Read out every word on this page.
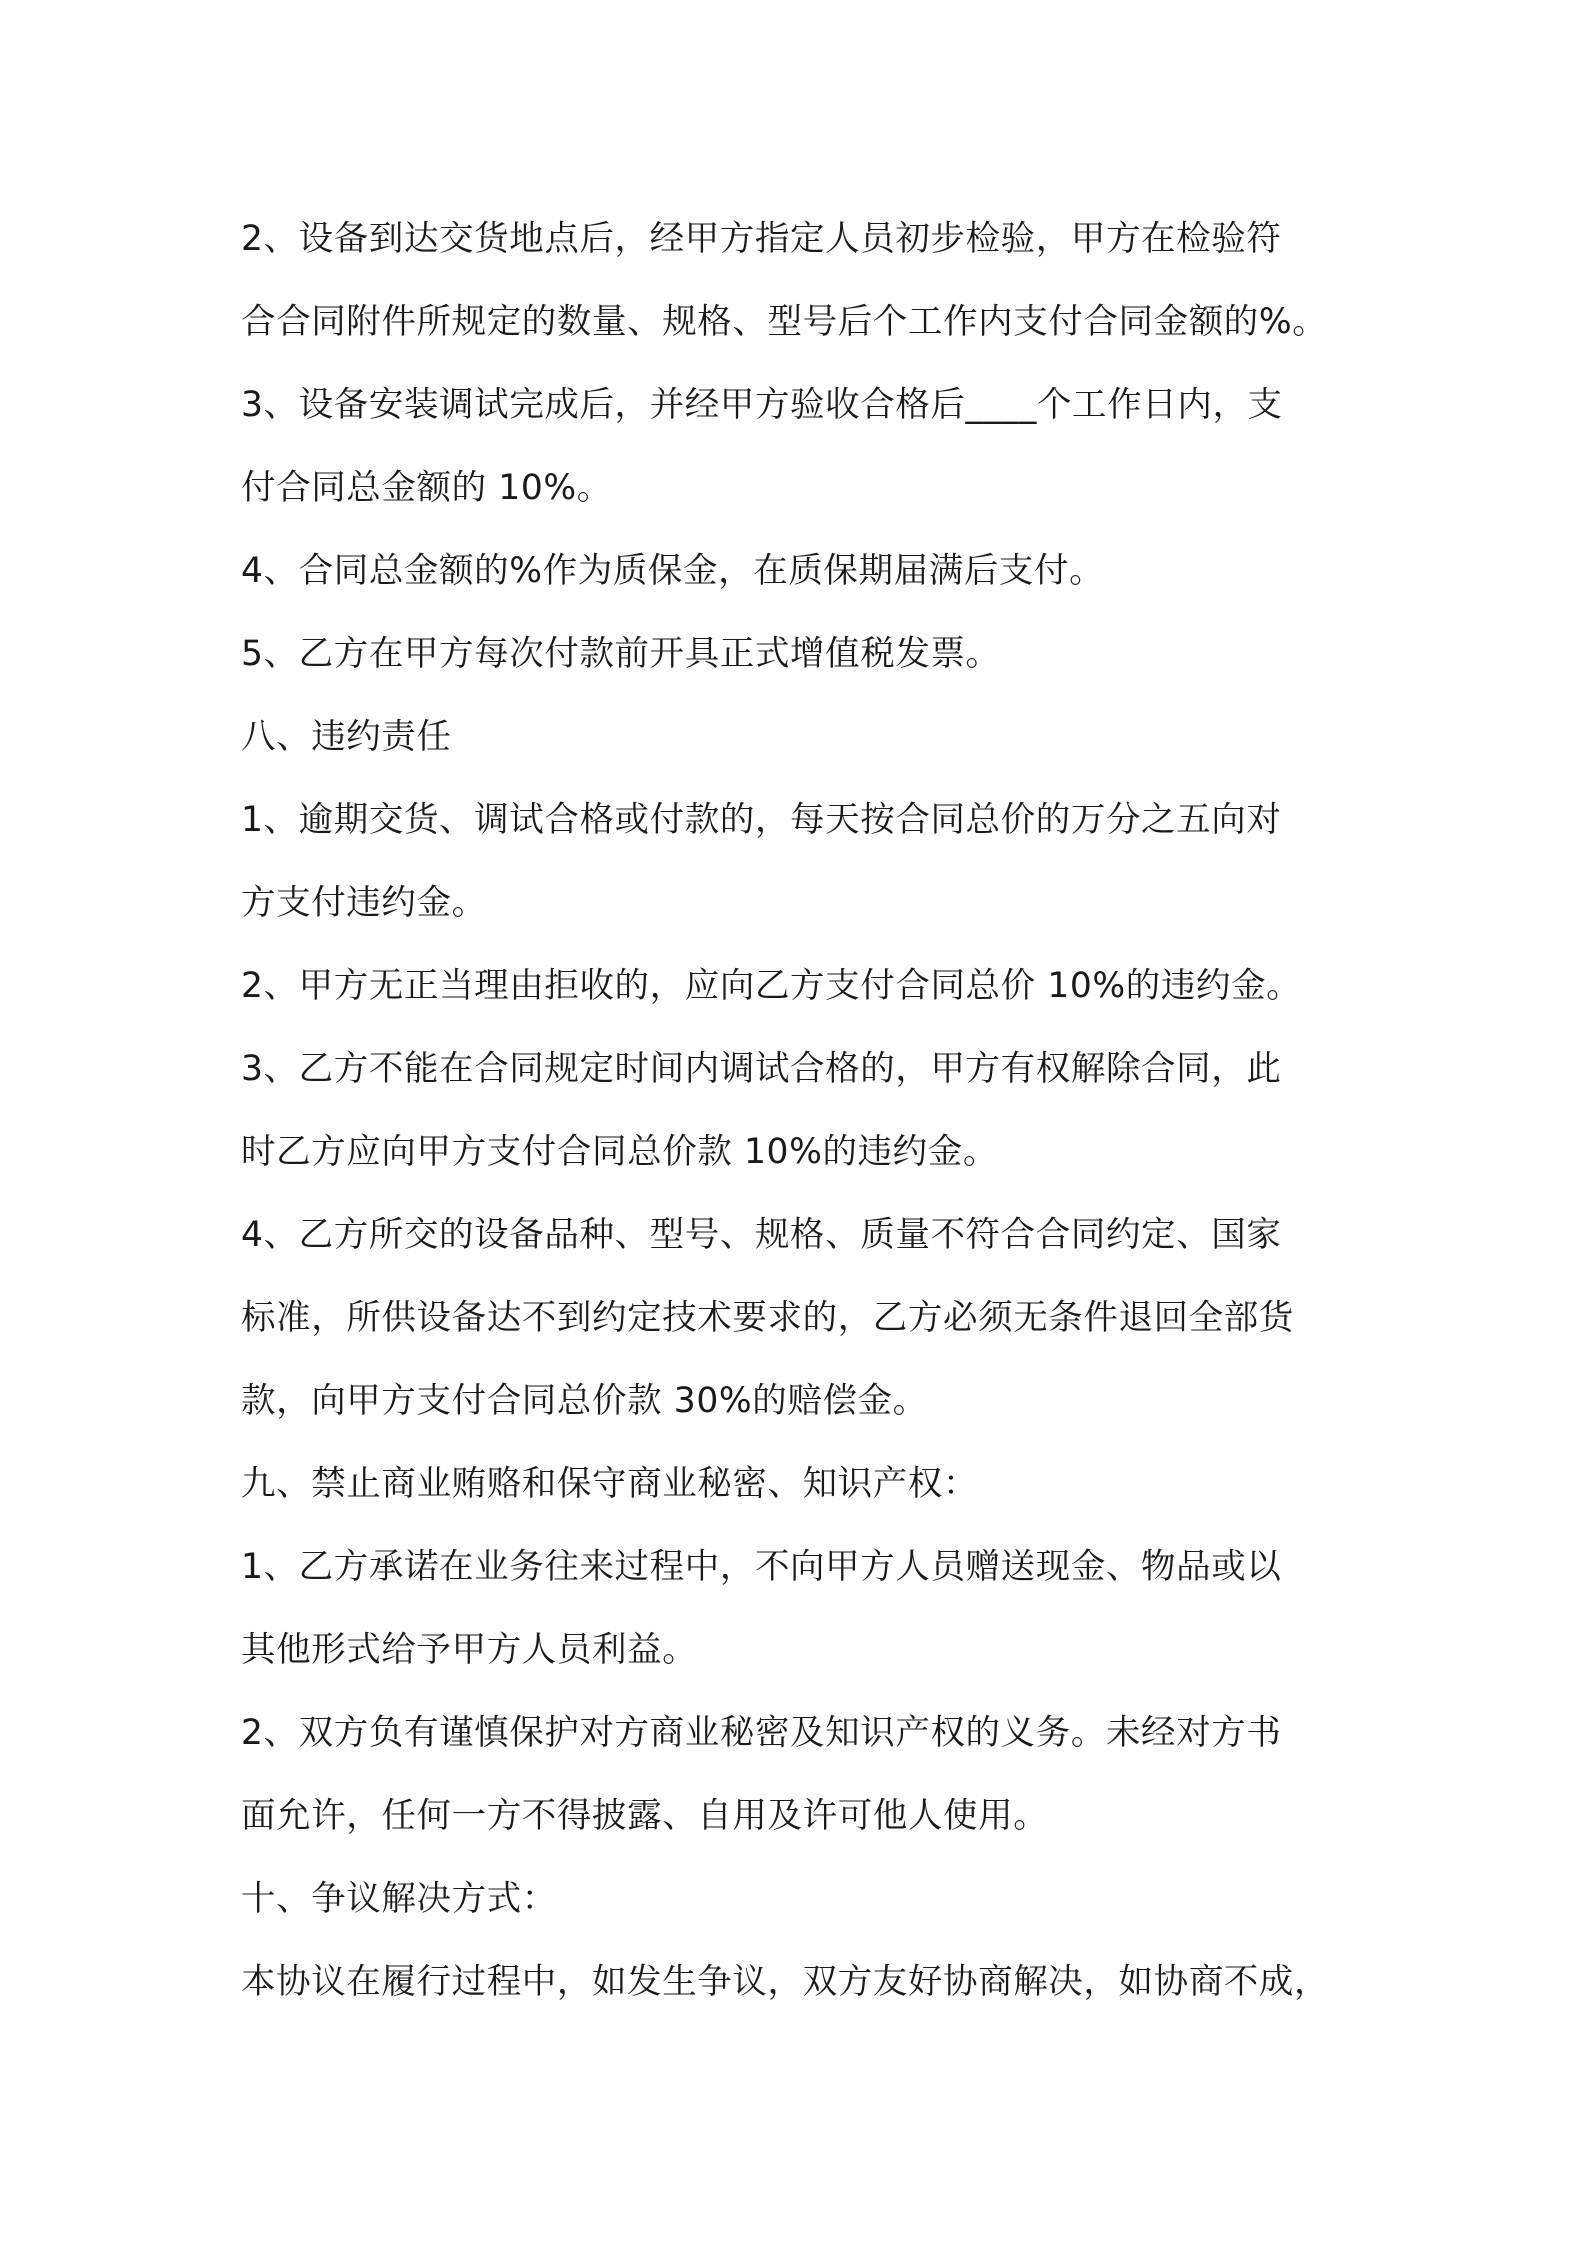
2、设备到达交货地点后，经甲方指定人员初步检验，甲方在检验符
合合同附件所规定的数量、规格、型号后个工作内支付合同金额的%。
3、设备安装调试完成后，并经甲方验收合格后____个工作日内，支
付合同总金额的 10%。
4、合同总金额的%作为质保金，在质保期届满后支付。
5、乙方在甲方每次付款前开具正式增值税发票。
八、违约责任
1、逾期交货、调试合格或付款的，每天按合同总价的万分之五向对
方支付违约金。
2、甲方无正当理由拒收的，应向乙方支付合同总价 10%的违约金。
3、乙方不能在合同规定时间内调试合格的，甲方有权解除合同，此
时乙方应向甲方支付合同总价款 10%的违约金。
4、乙方所交的设备品种、型号、规格、质量不符合合同约定、国家
标准，所供设备达不到约定技术要求的，乙方必须无条件退回全部货
款，向甲方支付合同总价款 30%的赔偿金。
九、禁止商业贿赂和保守商业秘密、知识产权：
1、乙方承诺在业务往来过程中，不向甲方人员赠送现金、物品或以
其他形式给予甲方人员利益。
2、双方负有谨慎保护对方商业秘密及知识产权的义务。未经对方书
面允许，任何一方不得披露、自用及许可他人使用。
十、争议解决方式：
本协议在履行过程中，如发生争议，双方友好协商解决，如协商不成，
